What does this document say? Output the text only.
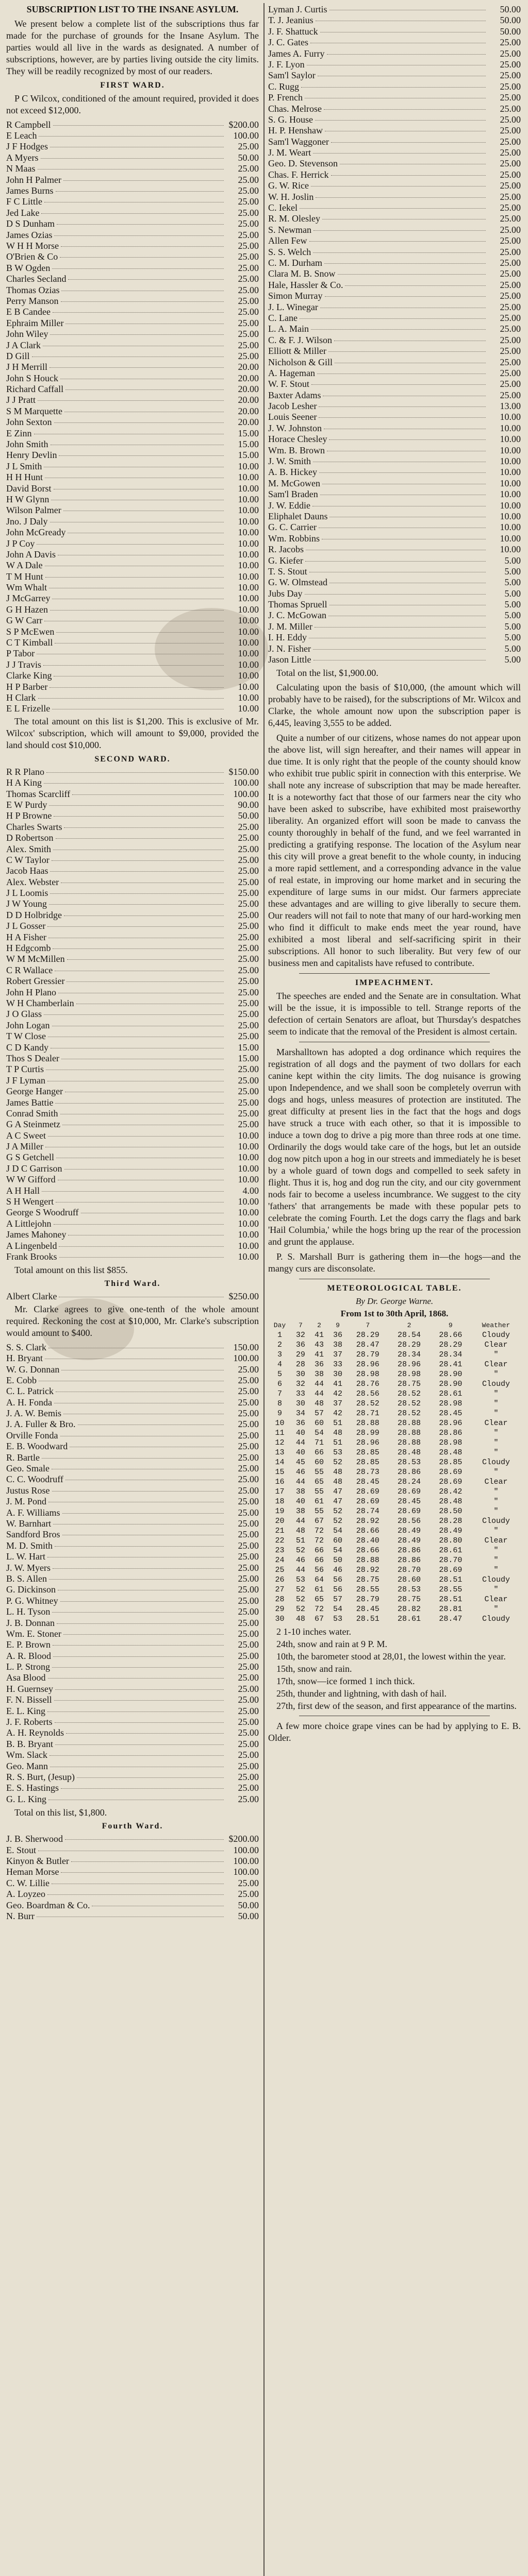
SUBSCRIPTION LIST TO THE INSANE ASYLUM.

We present below a complete list of the subscriptions thus far made for the purchase of grounds for the Insane Asylum. The parties would all live in the wards as designated. A number of subscriptions, however, are by parties living outside the city limits. They will be readily recognized by most of our readers.

FIRST WARD.

P C Wilcox, conditioned of the amount required, provided it does not exceed $12,000.

R Campbell	$200.00
E Leach	100.00
J F Hodges	25.00
A Myers	50.00
N Maas	25.00
John H Palmer	25.00
James Burns	25.00
F C Little	25.00
Jed Lake	25.00
D S Dunham	25.00
James Ozias	25.00
W H H Morse	25.00
O'Brien & Co	25.00
B W Ogden	25.00
Charles Secland	25.00
Thomas Ozias	25.00
Perry Manson	25.00
E B Candee	25.00
Ephraim Miller	25.00
John Wiley	25.00
J A Clark	25.00
D Gill	25.00
J H Merrill	20.00
John S Houck	20.00
Richard Caffall	20.00
J J Pratt	20.00
S M Marquette	20.00
John Sexton	20.00
E Zinn	15.00
John Smith	15.00
Henry Devlin	15.00
J L Smith	10.00
H H Hunt	10.00
David Borst	10.00
H W Glynn	10.00
Wilson Palmer	10.00
Jno. J Daly	10.00
John McGready	10.00
J P Coy	10.00
John A Davis	10.00
W A Dale	10.00
T M Hunt	10.00
Wm Whalt	10.00
J McGarrey	10.00
G H Hazen	10.00
G W Carr	10.00
S P McEwen	10.00
C T Kimball	10.00
P Tabor	10.00
J J Travis	10.00
Clarke King	10.00
H P Barber	10.00
H Clark	10.00
E L Frizelle	10.00

The total amount on this list is $1,200. This is exclusive of Mr. Wilcox' subscription, which will amount to $9,000, provided the land should cost $10,000.

SECOND WARD.
R R Plano	$150.00
H A King	100.00
Thomas Scarcliff	100.00
E W Purdy	90.00
H P Browne	50.00
Charles Swarts	25.00
D Robertson	25.00
Alex. Smith	25.00
C W Taylor	25.00
Jacob Haas	25.00
Alex. Webster	25.00
J L Loomis	25.00
J W Young	25.00
D D Holbridge	25.00
J L Gosser	25.00
H A Fisher	25.00
H Edgcomb	25.00
W M McMillen	25.00
C R Wallace	25.00
Robert Gressier	25.00
John H Plano	25.00
W H Chamberlain	25.00
J O Glass	25.00
John Logan	25.00
T W Close	25.00
C D Kandy	15.00
Thos S Dealer	15.00
T P Curtis	25.00
J F Lyman	25.00
George Hanger	25.00
James Battie	25.00
Conrad Smith	25.00
G A Steinmetz	25.00
A C Sweet	10.00
J A Miller	10.00
G S Getchell	10.00
J D C Garrison	10.00
W W Gifford	10.00
A H Hall	4.00
S H Wengert	10.00
George S Woodruff	10.00
A Littlejohn	10.00
James Mahoney	10.00
A Lingenbeld	10.00
Frank Brooks	10.00
Total amount on this list $855.
Third Ward.
Albert Clarke	$250.00

Mr. Clarke agrees to give one-tenth of the whole amount required. Reckoning the cost at $10,000, Mr. Clarke's subscription would amount to $400.

S. S. Clark	150.00
H. Bryant	100.00
W. G. Donnan	25.00
E. Cobb	25.00
C. L. Patrick	25.00
A. H. Fonda	25.00
J. A. W. Bemis	25.00
J. A. Fuller & Bro.	25.00
Orville Fonda	25.00
E. B. Woodward	25.00
R. Bartle	25.00
Geo. Smale	25.00
C. C. Woodruff	25.00
Justus Rose	25.00
J. M. Pond	25.00
A. F. Williams	25.00
W. Barnhart	25.00
Sandford Bros	25.00
M. D. Smith	25.00
L. W. Hart	25.00
J. W. Myers	25.00
B. S. Allen	25.00
G. Dickinson	25.00
P. G. Whitney	25.00
L. H. Tyson	25.00
J. B. Donnan	25.00
Wm. E. Stoner	25.00
E. P. Brown	25.00
A. R. Blood	25.00
L. P. Strong	25.00
Asa Blood	25.00
H. Guernsey	25.00
F. N. Bissell	25.00
E. L. King	25.00
J. F. Roberts	25.00
A. H. Reynolds	25.00
B. B. Bryant	25.00
Wm. Slack	25.00
Geo. Mann	25.00
R. S. Burt, (Jesup)	25.00
E. S. Hastings	25.00
G. L. King	25.00
Total on this list, $1,800.
Fourth Ward.
J. B. Sherwood	$200.00
E. Stout	100.00
Kinyon & Butler	100.00
Heman Morse	100.00
C. W. Lillie	25.00
A. Loyzeo	25.00
Geo. Boardman & Co.	50.00
N. Burr	50.00
Lyman J. Curtis	50.00
T. J. Jeanius	50.00
J. F. Shattuck	50.00
J. C. Gates	25.00
James A. Furry	25.00
J. F. Lyon	25.00
Sam'l Saylor	25.00
C. Rugg	25.00
P. French	25.00
Chas. Melrose	25.00
S. G. House	25.00
H. P. Henshaw	25.00
Sam'l Waggoner	25.00
J. M. Weart	25.00
Geo. D. Stevenson	25.00
Chas. F. Herrick	25.00
G. W. Rice	25.00
W. H. Joslin	25.00
C. Iekel	25.00
R. M. Olesley	25.00
S. Newman	25.00
Allen Few	25.00
S. S. Welch	25.00
C. M. Durham	25.00
Clara M. B. Snow	25.00
Hale, Hassler & Co.	25.00
Simon Murray	25.00
J. L. Winegar	25.00
C. Lane	25.00
L. A. Main	25.00
C. & F. J. Wilson	25.00
Elliott & Miller	25.00
Nicholson & Gill	25.00
A. Hageman	25.00
W. F. Stout	25.00
Baxter Adams	25.00
Jacob Lesher	13.00
Louis Seener	10.00
J. W. Johnston	10.00
Horace Chesley	10.00
Wm. B. Brown	10.00
J. W. Smith	10.00
A. B. Hickey	10.00
M. McGowen	10.00
Sam'l Braden	10.00
J. W. Eddie	10.00
Eliphalet Dauns	10.00
G. C. Carrier	10.00
Wm. Robbins	10.00
R. Jacobs	10.00
G. Kiefer	5.00
T. S. Stout	5.00
G. W. Olmstead	5.00
Jubs Day	5.00
Thomas Spruell	5.00
J. C. McGowan	5.00
J. M. Miller	5.00
I. H. Eddy	5.00
J. N. Fisher	5.00
Jason Little	5.00
Total on the list, $1,900.00.

Calculating upon the basis of $10,000, (the amount which will probably have to be raised), for the subscriptions of Mr. Wilcox and Clarke, the whole amount now upon the subscription paper is 6,445, leaving 3,555 to be added.

Quite a number of our citizens, whose names do not appear upon the above list, will sign hereafter, and their names will appear in due time. It is only right that the people of the county should know who exhibit true public spirit in connection with this enterprise. We shall note any increase of subscription that may be made hereafter. It is a noteworthy fact that those of our farmers near the city who have been asked to subscribe, have exhibited most praiseworthy liberality. An organized effort will soon be made to canvass the county thoroughly in behalf of the fund, and we feel warranted in predicting a gratifying response. The location of the Asylum near this city will prove a great benefit to the whole county, in inducing a more rapid settlement, and a corresponding advance in the value of real estate, in improving our home market and in securing the expenditure of large sums in our midst. Our farmers appreciate these advantages and are willing to give liberally to secure them. Our readers will not fail to note that many of our hard-working men who find it difficult to make ends meet the year round, have exhibited a most liberal and self-sacrificing spirit in their subscriptions. All honor to such liberality. But very few of our business men and capitalists have refused to contribute.

IMPEACHMENT.

The speeches are ended and the Senate are in consultation. What will be the issue, it is impossible to tell. Strange reports of the defection of certain Senators are afloat, but Thursday's despatches seem to indicate that the removal of the President is almost certain.

Marshalltown has adopted a dog ordinance which requires the registration of all dogs and the payment of two dollars for each canine kept within the city limits. The dog nuisance is growing upon Independence, and we shall soon be completely overrun with dogs and hogs, unless measures of protection are instituted. The great difficulty at present lies in the fact that the hogs and dogs have struck a truce with each other, so that it is impossible to induce a town dog to drive a pig more than three rods at one time. Ordinarily the dogs would take care of the hogs, but let an outside dog now pitch upon a hog in our streets and immediately he is beset by a whole guard of town dogs and compelled to seek safety in flight. Thus it is, hog and dog run the city, and our city government nods fair to become a useless incumbrance. We suggest to the city 'fathers' that arrangements be made with these popular pets to celebrate the coming Fourth. Let the dogs carry the flags and bark 'Hail Columbia,' while the hogs bring up the rear of the procession and grunt the applause.

P. S. Marshall Burr is gathering them in—the hogs—and the mangy curs are disconsolate.

METEOROLOGICAL TABLE.
By Dr. George Warne.
From 1st to 30th April, 1868.
Day	7	2	9	7	2	9	Weather
1	32	41	36	28.29	28.54	28.66	Cloudy
2	36	43	38	28.47	28.29	28.29	Clear
3	29	41	37	28.79	28.34	28.34	"
4	28	36	33	28.96	28.96	28.41	Clear
5	30	38	30	28.98	28.98	28.90	"
6	32	44	41	28.76	28.75	28.90	Cloudy
7	33	44	42	28.56	28.52	28.61	"
8	30	48	37	28.52	28.52	28.98	"
9	34	57	42	28.71	28.52	28.45	"
10	36	60	51	28.88	28.88	28.96	Clear
11	40	54	48	28.99	28.88	28.86	"
12	44	71	51	28.96	28.88	28.98	"
13	40	66	53	28.85	28.48	28.48	"
14	45	60	52	28.85	28.53	28.85	Cloudy
15	46	55	48	28.73	28.86	28.69	"
16	44	65	48	28.45	28.24	28.69	Clear
17	38	55	47	28.69	28.69	28.42	"
18	40	61	47	28.69	28.45	28.48	"
19	38	55	52	28.74	28.69	28.50	"
20	44	67	52	28.92	28.56	28.28	Cloudy
21	48	72	54	28.66	28.49	28.49	"
22	51	72	60	28.40	28.49	28.80	Clear
23	52	66	54	28.66	28.86	28.61	"
24	46	66	50	28.88	28.86	28.70	"
25	44	56	46	28.92	28.70	28.69	"
26	53	64	56	28.75	28.60	28.51	Cloudy
27	52	61	56	28.55	28.53	28.55	"
28	52	65	57	28.79	28.75	28.51	Clear
29	52	72	54	28.45	28.82	28.81	"
30	48	67	53	28.51	28.61	28.47	Cloudy
2 1-10 inches water.
24th, snow and rain at 9 P. M.
10th, the barometer stood at 28,01, the lowest within the year.
15th, snow and rain.
17th, snow—ice formed 1 inch thick.
25th, thunder and lightning, with dash of hail.
27th, first dew of the season, and first appearance of the martins.

A few more choice grape vines can be had by applying to E. B. Older.
